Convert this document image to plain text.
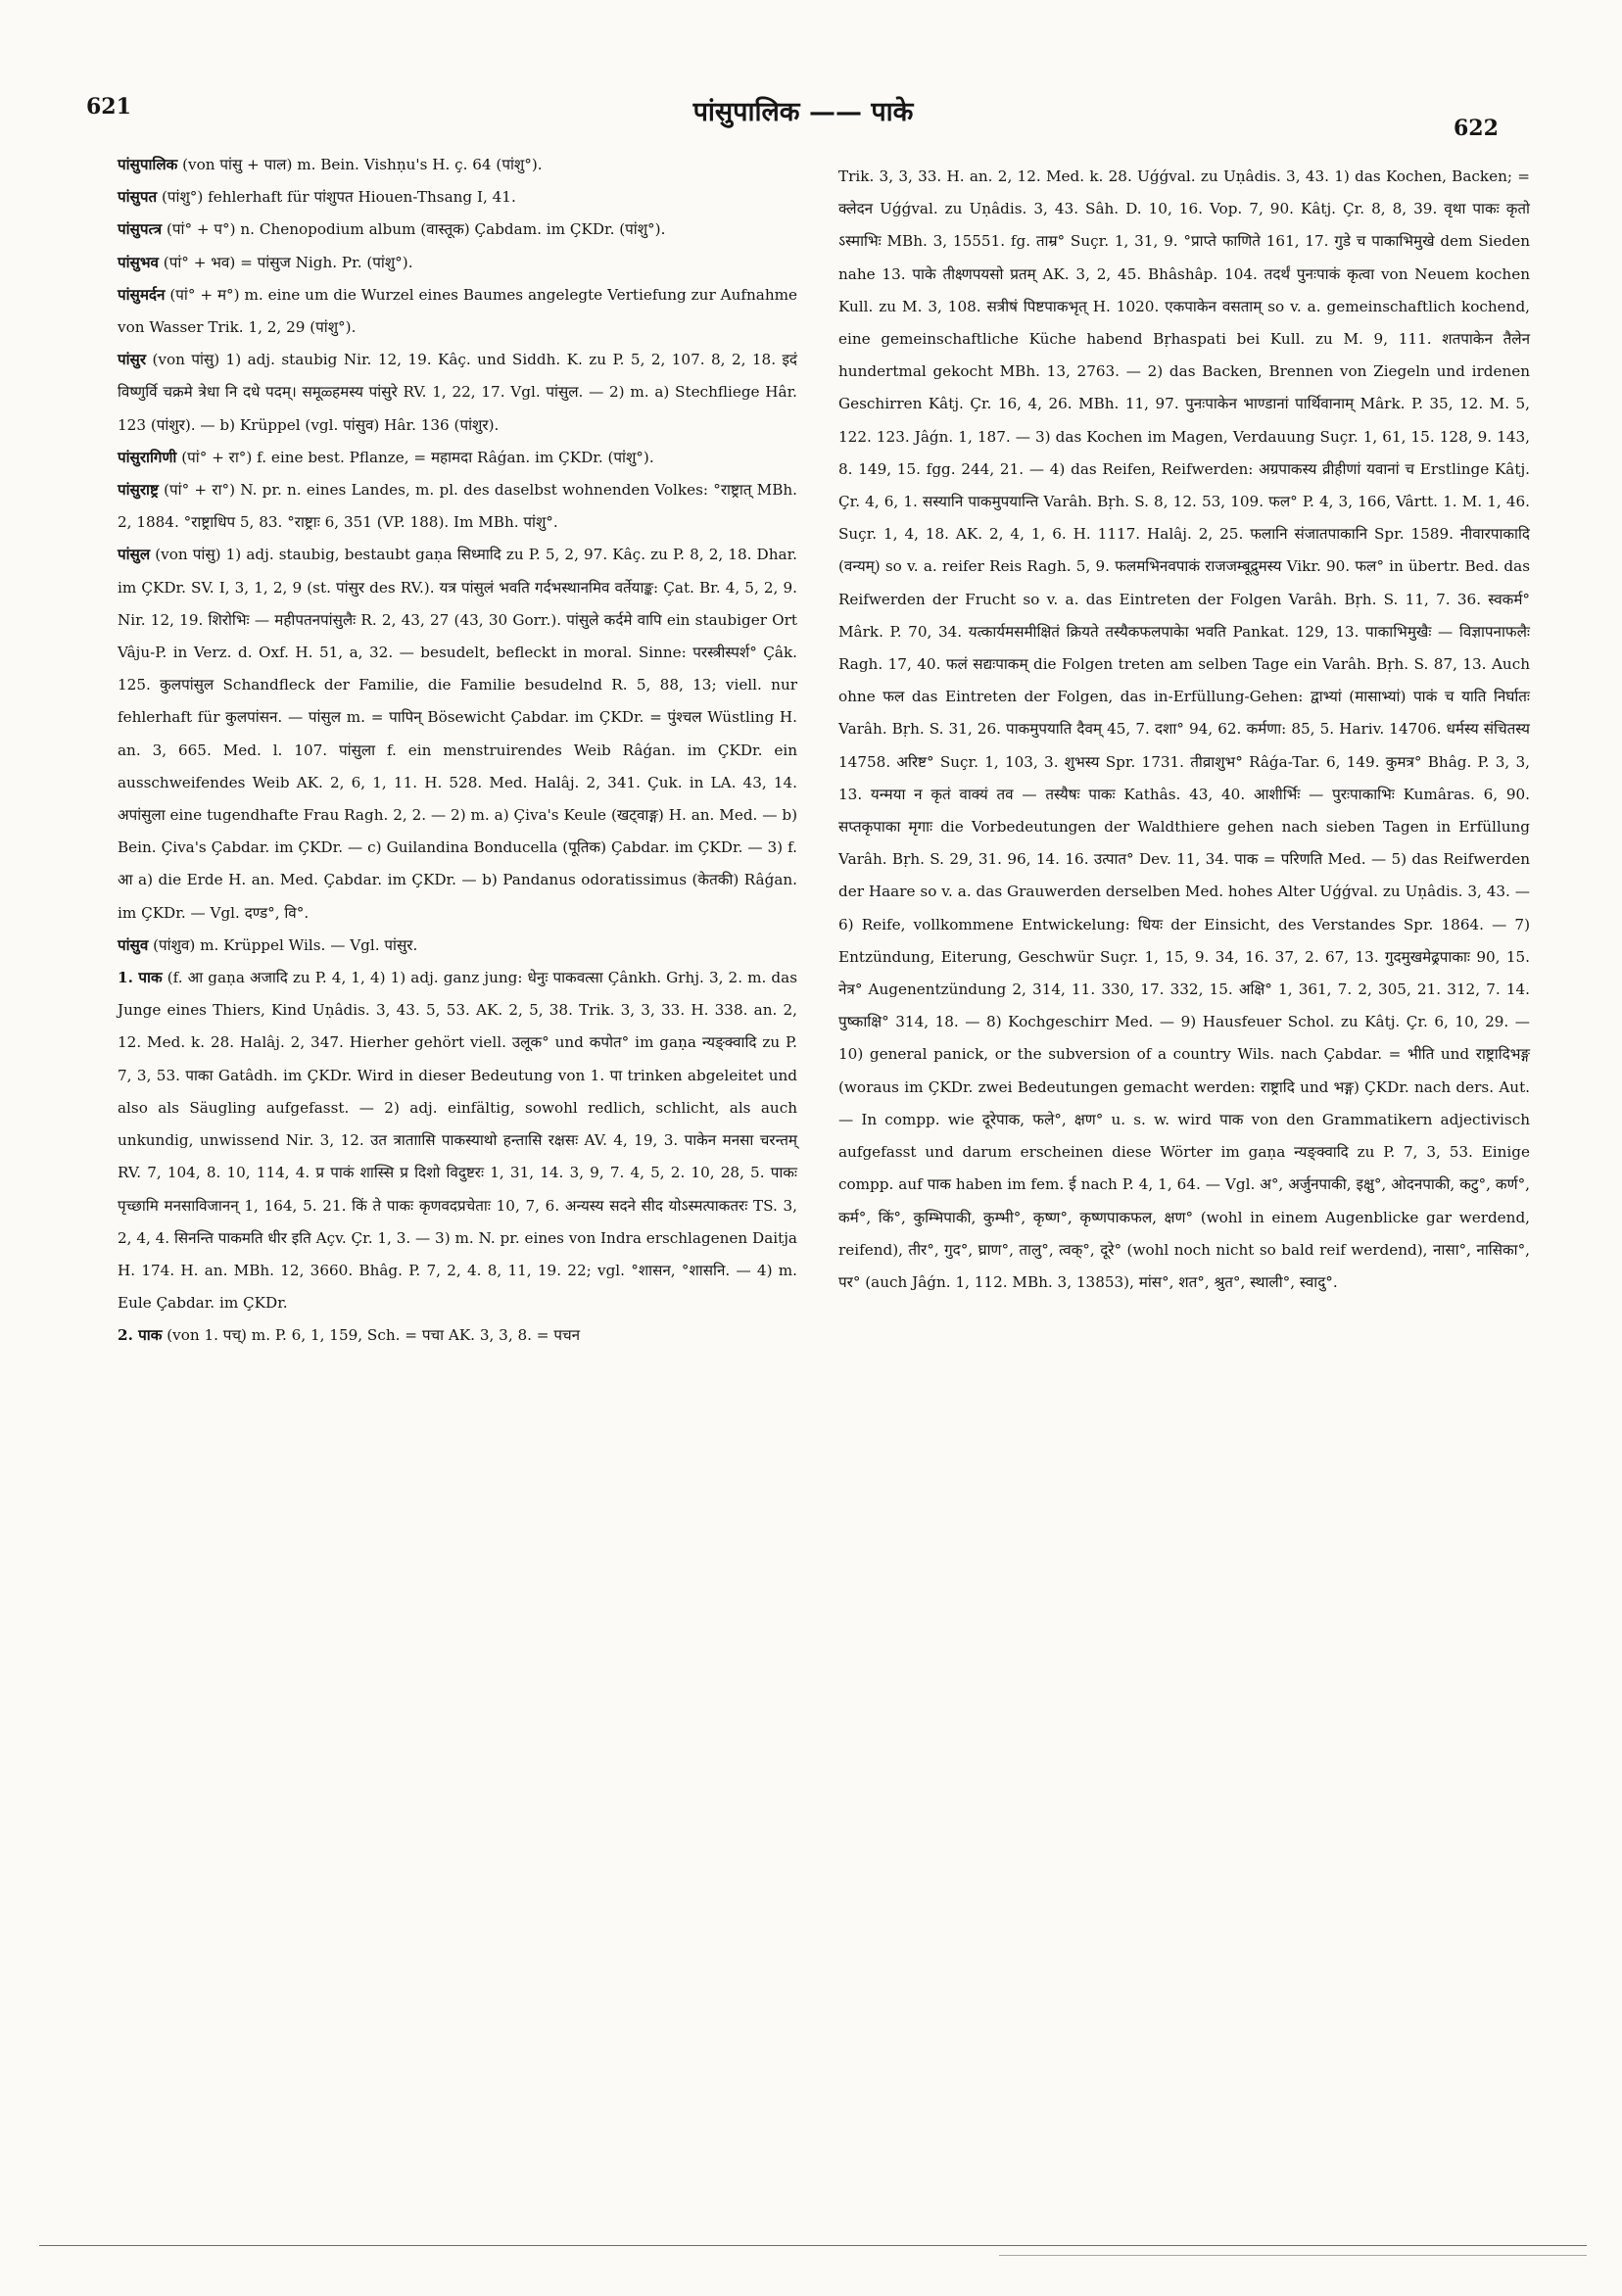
621	पांसुपालिक —— पाके
622

पांसुपालिक (von पांसु + पाल) m. Bein. Vishṇu's H. ç. 64 (पांशु°).

पांसुपत (पांशु°) fehlerhaft für पांशुपत Hiouen-Thsang I, 41.

पांसुपत्त्र (पां° + प°) n. Chenopodium album (वास्तूक) Çabdam. im ÇKDr. (पांशु°).

पांसुभव (पां° + भव) = पांसुज Nigh. Pr. (पांशु°).

पांसुमर्दन (पां° + म°) m. eine um die Wurzel eines Baumes angelegte Vertiefung zur Aufnahme von Wasser Trik. 1, 2, 29 (पांशु°).

पांसुर (von पांसु) 1) adj. staubig Nir. 12, 19. Kâç. und Siddh. K. zu P. 5, 2, 107. 8, 2, 18. इदं विष्णुर्वि चक्रमे त्रेधा नि दधे पदम्। समूळ्हमस्य पांसुरे RV. 1, 22, 17. Vgl. पांसुल. — 2) m. a) Stechfliege Hâr. 123 (पांशुर). — b) Krüppel (vgl. पांसुव) Hâr. 136 (पांशुर).

पांसुरागिणी (पां° + रा°) f. eine best. Pflanze, = महामदा Râǵan. im ÇKDr. (पांशु°).

पांसुराष्ट्र (पां° + रा°) N. pr. n. eines Landes, m. pl. des daselbst wohnenden Volkes: °राष्ट्रात् MBh. 2, 1884. °राष्ट्राधिप 5, 83. °राष्ट्राः 6, 351 (VP. 188). Im MBh. पांशु°.

पांसुल (von पांसु) 1) adj. staubig, bestaubt gaṇa सिध्मादि zu P. 5, 2, 97. Kâç. zu P. 8, 2, 18. Dhar. im ÇKDr. SV. I, 3, 1, 2, 9 (st. पांसुर des RV.). यत्र पांसुलं भवति गर्दभस्थानमिव वर्तेयाङ्क: Çat. Br. 4, 5, 2, 9. Nir. 12, 19. शिरोभिः — महीपतनपांसुलैः R. 2, 43, 27 (43, 30 Gorr.). पांसुले कर्दमे वापि ein staubiger Ort Vâju-P. in Verz. d. Oxf. H. 51, a, 32. — besudelt, befleckt in moral. Sinne: परस्त्रीस्पर्श° Çâk. 125. कुलपांसुल Schandfleck der Familie, die Familie besudelnd R. 5, 88, 13; viell. nur fehlerhaft für कुलपांसन. — पांसुल m. = पापिन् Bösewicht Çabdar. im ÇKDr. = पुंश्चल Wüstling H. an. 3, 665. Med. l. 107. पांसुला f. ein menstruirendes Weib Râǵan. im ÇKDr. ein ausschweifendes Weib AK. 2, 6, 1, 11. H. 528. Med. Halâj. 2, 341. Çuk. in LA. 43, 14. अपांसुला eine tugendhafte Frau Ragh. 2, 2. — 2) m. a) Çiva's Keule (खट्वाङ्ग) H. an. Med. — b) Bein. Çiva's Çabdar. im ÇKDr. — c) Guilandina Bonducella (पूतिक) Çabdar. im ÇKDr. — 3) f. आ a) die Erde H. an. Med. Çabdar. im ÇKDr. — b) Pandanus odoratissimus (केतकी) Râǵan. im ÇKDr. — Vgl. दण्ड°, वि°.

पांसुव (पांशुव) m. Krüppel Wils. — Vgl. पांसुर.

1. पाक (f. आ gaṇa अजादि zu P. 4, 1, 4) 1) adj. ganz jung: धेनुः पाकवत्सा Çânkh. Grhj. 3, 2. m. das Junge eines Thiers, Kind Uṇâdis. 3, 43. 5, 53. AK. 2, 5, 38. Trik. 3, 3, 33. H. 338. an. 2, 12. Med. k. 28. Halâj. 2, 347. Hierher gehört viell. उलूक° und कपोत° im gaṇa न्यङ्क्वादि zu P. 7, 3, 53. पाका Gatâdh. im ÇKDr. Wird in dieser Bedeutung von 1. पा trinken abgeleitet und also als Säugling aufgefasst. — 2) adj. einfältig, sowohl redlich, schlicht, als auch unkundig, unwissend Nir. 3, 12. उत त्राताासि पाकस्याथो हन्तासि रक्षसः AV. 4, 19, 3. पाकेन मनसा चरन्तम् RV. 7, 104, 8. 10, 114, 4. प्र पाकं शास्सि प्र दिशो विदुष्टरः 1, 31, 14. 3, 9, 7. 4, 5, 2. 10, 28, 5. पाकः पृच्छामि मनसाविजानन् 1, 164, 5. 21. किं ते पाकः कृणवदप्रचेताः 10, 7, 6. अन्यस्य सदने सीद योऽस्मत्पाकतरः TS. 3, 2, 4, 4. सिनन्ति पाकमति धीर इति Açv. Çr. 1, 3. — 3) m. N. pr. eines von Indra erschlagenen Daitja H. 174. H. an. MBh. 12, 3660. Bhâg. P. 7, 2, 4. 8, 11, 19. 22; vgl. °शासन, °शासनि. — 4) m. Eule Çabdar. im ÇKDr.

2. पाक (von 1. पच्) m. P. 6, 1, 159, Sch. = पचा AK. 3, 3, 8. = पचन

Trik. 3, 3, 33. H. an. 2, 12. Med. k. 28. Uǵǵval. zu Uṇâdis. 3, 43. 1) das Kochen, Backen; = क्लेदन Uǵǵval. zu Uṇâdis. 3, 43. Sâh. D. 10, 16. Vop. 7, 90. Kâtj. Çr. 8, 8, 39. वृथा पाकः कृतो ऽस्माभिः MBh. 3, 15551. fg. ताम्र° Suçr. 1, 31, 9. °प्राप्ते फाणिते 161, 17. गुडे च पाकाभिमुखे dem Sieden nahe 13. पाके तीक्ष्णपयसो प्रतम् AK. 3, 2, 45. Bhâshâp. 104. तदर्थं पुनःपाकं कृत्वा von Neuem kochen Kull. zu M. 3, 108. सत्रीषं पिष्टपाकभृत् H. 1020. एकपाकेन वसताम् so v. a. gemeinschaftlich kochend, eine gemeinschaftliche Küche habend Bṛhaspati bei Kull. zu M. 9, 111. शतपाकेन तैलेन hundertmal gekocht MBh. 13, 2763. — 2) das Backen, Brennen von Ziegeln und irdenen Geschirren Kâtj. Çr. 16, 4, 26. MBh. 11, 97. पुनःपाकेन भाण्डानां पार्थिवानाम् Mârk. P. 35, 12. M. 5, 122. 123. Jâǵn. 1, 187. — 3) das Kochen im Magen, Verdauung Suçr. 1, 61, 15. 128, 9. 143, 8. 149, 15. fgg. 244, 21. — 4) das Reifen, Reifwerden: अग्रपाकस्य व्रीहीणां यवानां च Erstlinge Kâtj. Çr. 4, 6, 1. सस्यानि पाकमुपयान्ति Varâh. Bṛh. S. 8, 12. 53, 109. फल° P. 4, 3, 166, Vârtt. 1. M. 1, 46. Suçr. 1, 4, 18. AK. 2, 4, 1, 6. H. 1117. Halâj. 2, 25. फलानि संजातपाकानि Spr. 1589. नीवारपाकादि (वन्यम्) so v. a. reifer Reis Ragh. 5, 9. फलमभिनवपाकं राजजम्बूद्रुमस्य Vikr. 90. फल° in übertr. Bed. das Reifwerden der Frucht so v. a. das Eintreten der Folgen Varâh. Bṛh. S. 11, 7. 36. स्वकर्म° Mârk. P. 70, 34. यत्कार्यमसमीक्षितं क्रियते तस्यैकफलपाकेा भवति Pankat. 129, 13. पाकाभिमुखैः — विज्ञापनाफलैः Ragh. 17, 40. फलं सद्यःपाकम् die Folgen treten am selben Tage ein Varâh. Bṛh. S. 87, 13. Auch ohne फल das Eintreten der Folgen, das in-Erfüllung-Gehen: द्वाभ्यां (मासाभ्यां) पाकं च याति निर्घातः Varâh. Bṛh. S. 31, 26. पाकमुपयाति दैवम् 45, 7. दशा° 94, 62. कर्मणा: 85, 5. Hariv. 14706. धर्मस्य संचितस्य 14758. अरिष्ट° Suçr. 1, 103, 3. शुभस्य Spr. 1731. तीव्राशुभ° Râǵa-Tar. 6, 149. कुमत्र° Bhâg. P. 3, 3, 13. यन्मया न कृतं वाक्यं तव — तस्यैषः पाकः Kathâs. 43, 40. आशीर्भिः — पुरःपाकाभिः Kumâras. 6, 90. सप्तकृपाका मृगाः die Vorbedeutungen der Waldthiere gehen nach sieben Tagen in Erfüllung Varâh. Bṛh. S. 29, 31. 96, 14. 16. उत्पात° Dev. 11, 34. पाक = परिणति Med. — 5) das Reifwerden der Haare so v. a. das Grauwerden derselben Med. hohes Alter Uǵǵval. zu Uṇâdis. 3, 43. — 6) Reife, vollkommene Entwickelung: धियः der Einsicht, des Verstandes Spr. 1864. — 7) Entzündung, Eiterung, Geschwür Suçr. 1, 15, 9. 34, 16. 37, 2. 67, 13. गुदमुखमेढ्रपाकाः 90, 15. नेत्र° Augenentzündung 2, 314, 11. 330, 17. 332, 15. अक्षि° 1, 361, 7. 2, 305, 21. 312, 7. 14. पुष्काक्षि° 314, 18. — 8) Kochgeschirr Med. — 9) Hausfeuer Schol. zu Kâtj. Çr. 6, 10, 29. — 10) general panick, or the subversion of a country Wils. nach Çabdar. = भीति und राष्ट्रादिभङ्ग (woraus im ÇKDr. zwei Bedeutungen gemacht werden: राष्ट्रादि und भङ्ग) ÇKDr. nach ders. Aut. — In compp. wie दूरेपाक, फले°, क्षण° u. s. w. wird पाक von den Grammatikern adjectivisch aufgefasst und darum erscheinen diese Wörter im gaṇa न्यङ्क्वादि zu P. 7, 3, 53. Einige compp. auf पाक haben im fem. ई nach P. 4, 1, 64. — Vgl. अ°, अर्जुनपाकी, इक्षु°, ओदनपाकी, कटु°, कर्ण°, कर्म°, किं°, कुम्भिपाकी, कुम्भी°, कृष्ण°, कृष्णपाकफल, क्षण° (wohl in einem Augenblicke gar werdend, reifend), तीर°, गुद°, घ्राण°, तालु°, त्वक्°, दूरे° (wohl noch nicht so bald reif werdend), नासा°, नासिका°, पर° (auch Jâǵn. 1, 112. MBh. 3, 13853), मांस°, शत°, श्रुत°, स्थाली°, स्वादु°.
